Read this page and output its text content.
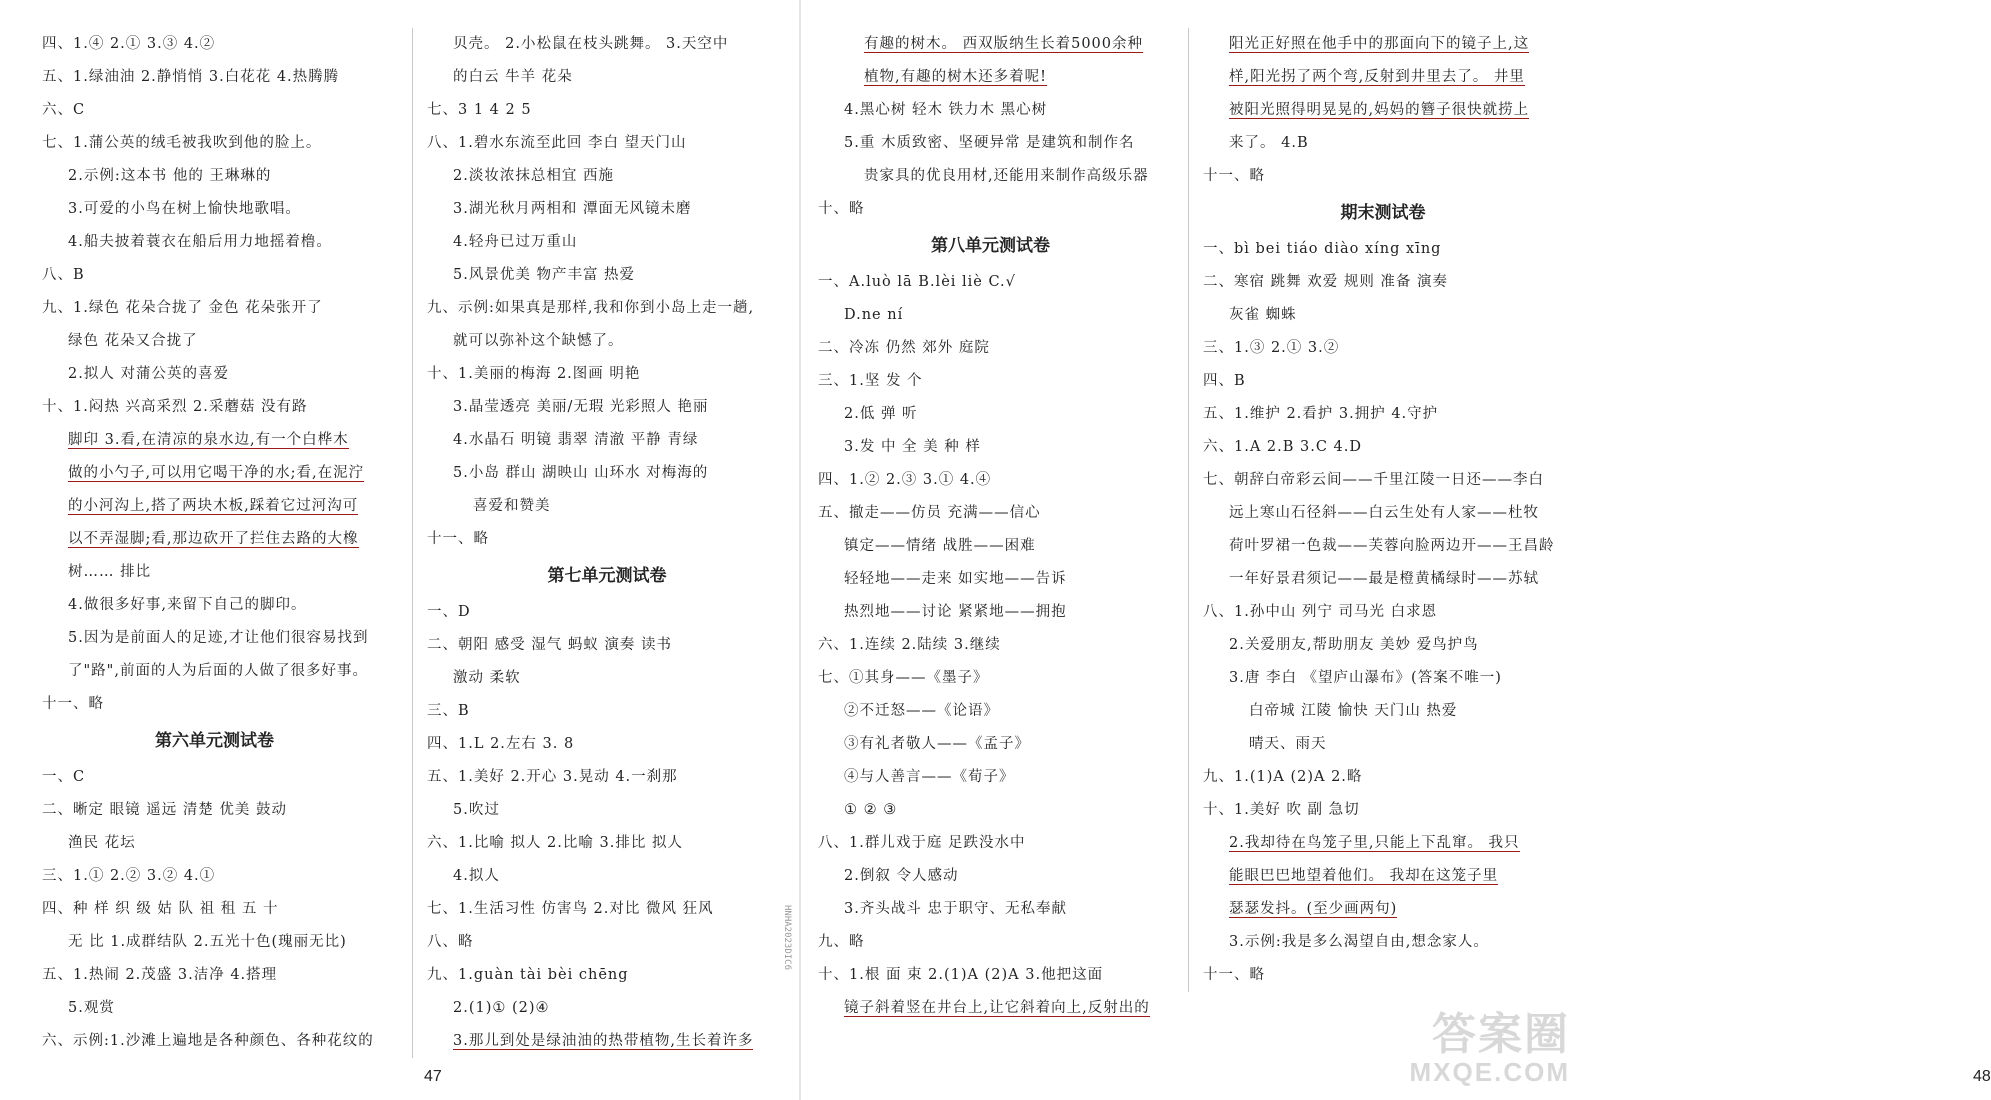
四、1.④ 2.① 3.③ 4.②
五、1.绿油油 2.静悄悄 3.白花花 4.热腾腾
六、C
七、1.蒲公英的绒毛被我吹到他的脸上。
2.示例:这本书 他的 王琳琳的
3.可爱的小鸟在树上愉快地歌唱。
4.船夫披着蓑衣在船后用力地摇着橹。
八、B
九、1.绿色 花朵合拢了 金色 花朵张开了
绿色 花朵又合拢了
2.拟人 对蒲公英的喜爱
十、1.闷热 兴高采烈 2.采蘑菇 没有路
脚印 3.看,在清凉的泉水边,有一个白桦木
做的小勺子,可以用它喝干净的水;看,在泥泞
的小河沟上,搭了两块木板,踩着它过河沟可
以不弄湿脚;看,那边砍开了拦住去路的大橡
树…… 排比
4.做很多好事,来留下自己的脚印。
5.因为是前面人的足迹,才让他们很容易找到
了"路",前面的人为后面的人做了很多好事。
十一、略
第六单元测试卷
一、C
二、晰定 眼镜 遥远 清楚 优美 鼓动
渔民 花坛
三、1.① 2.② 3.② 4.①
四、种 样 织 级 姑 队 祖 租 五 十
无 比 1.成群结队 2.五光十色(瑰丽无比)
五、1.热闹 2.茂盛 3.洁净 4.搭理
5.观赏
六、示例:1.沙滩上遍地是各种颜色、各种花纹的
贝壳。 2.小松鼠在枝头跳舞。 3.天空中
的白云 牛羊 花朵
七、3 1 4 2 5
八、1.碧水东流至此回 李白 望天门山
2.淡妆浓抹总相宜 西施
3.湖光秋月两相和 潭面无风镜未磨
4.轻舟已过万重山
5.风景优美 物产丰富 热爱
九、示例:如果真是那样,我和你到小岛上走一趟,
就可以弥补这个缺憾了。
十、1.美丽的梅海 2.图画 明艳
3.晶莹透亮 美丽/无瑕 光彩照人 艳丽
4.水晶石 明镜 翡翠 清澈 平静 青绿
5.小岛 群山 湖映山 山环水 对梅海的
喜爱和赞美
十一、略
第七单元测试卷
一、D
二、朝阳 感受 湿气 蚂蚁 演奏 读书
激动 柔软
三、B
四、1.L 2.左右 3. 8
五、1.美好 2.开心 3.晃动 4.一刹那
5.吹过
六、1.比喻 拟人 2.比喻 3.排比 拟人
4.拟人
七、1.生活习性 仿害鸟 2.对比 微风 狂风
八、略
九、1.guàn tài bèi chēng
2.(1)① (2)④
3.那儿到处是绿油油的热带植物,生长着许多
47
有趣的树木。 西双版纳生长着5000余种
植物,有趣的树木还多着呢!
4.黑心树 轻木 铁力木 黑心树
5.重 木质致密、坚硬异常 是建筑和制作名
贵家具的优良用材,还能用来制作高级乐器
十、略
第八单元测试卷
一、A.luò lā B.lèi liè C.√
D.ne ní
二、冷冻 仍然 郊外 庭院
三、1.坚 发 个
2.低 弹 听
3.发 中 全 美 种 样
四、1.② 2.③ 3.① 4.④
五、撤走——仿员 充满——信心
镇定——情绪 战胜——困难
轻轻地——走来 如实地——告诉
热烈地——讨论 紧紧地——拥抱
六、1.连续 2.陆续 3.继续
七、①其身——《墨子》
②不迁怒——《论语》
③有礼者敬人——《孟子》
④与人善言——《荀子》
① ② ③
八、1.群儿戏于庭 足跌没水中
2.倒叙 令人感动
3.齐头战斗 忠于职守、无私奉献
九、略
十、1.根 面 束 2.(1)A (2)A 3.他把这面
镜子斜着竖在井台上,让它斜着向上,反射出的
阳光正好照在他手中的那面向下的镜子上,这
样,阳光拐了两个弯,反射到井里去了。 井里
被阳光照得明晃晃的,妈妈的簪子很快就捞上
来了。 4.B
十一、略
期末测试卷
一、bì bei tiáo diào xíng xīng
二、寒宿 跳舞 欢爱 规则 准备 演奏
灰雀 蜘蛛
三、1.③ 2.① 3.②
四、B
五、1.维护 2.看护 3.拥护 4.守护
六、1.A 2.B 3.C 4.D
七、朝辞白帝彩云间——千里江陵一日还——李白
远上寒山石径斜——白云生处有人家——杜牧
荷叶罗裙一色裁——芙蓉向脸两边开——王昌龄
一年好景君须记——最是橙黄橘绿时——苏轼
八、1.孙中山 列宁 司马光 白求恩
2.关爱朋友,帮助朋友 美妙 爱鸟护鸟
3.唐 李白 《望庐山瀑布》(答案不唯一)
白帝城 江陵 愉快 天门山 热爱
晴天、雨天
九、1.(1)A (2)A 2.略
十、1.美好 吹 副 急切
2.我却待在鸟笼子里,只能上下乱窜。 我只
能眼巴巴地望着他们。 我却在这笼子里
瑟瑟发抖。(至少画两句)
3.示例:我是多么渴望自由,想念家人。
十一、略
48
HNHA2023DIC6
答案圈
MXQE.COM
